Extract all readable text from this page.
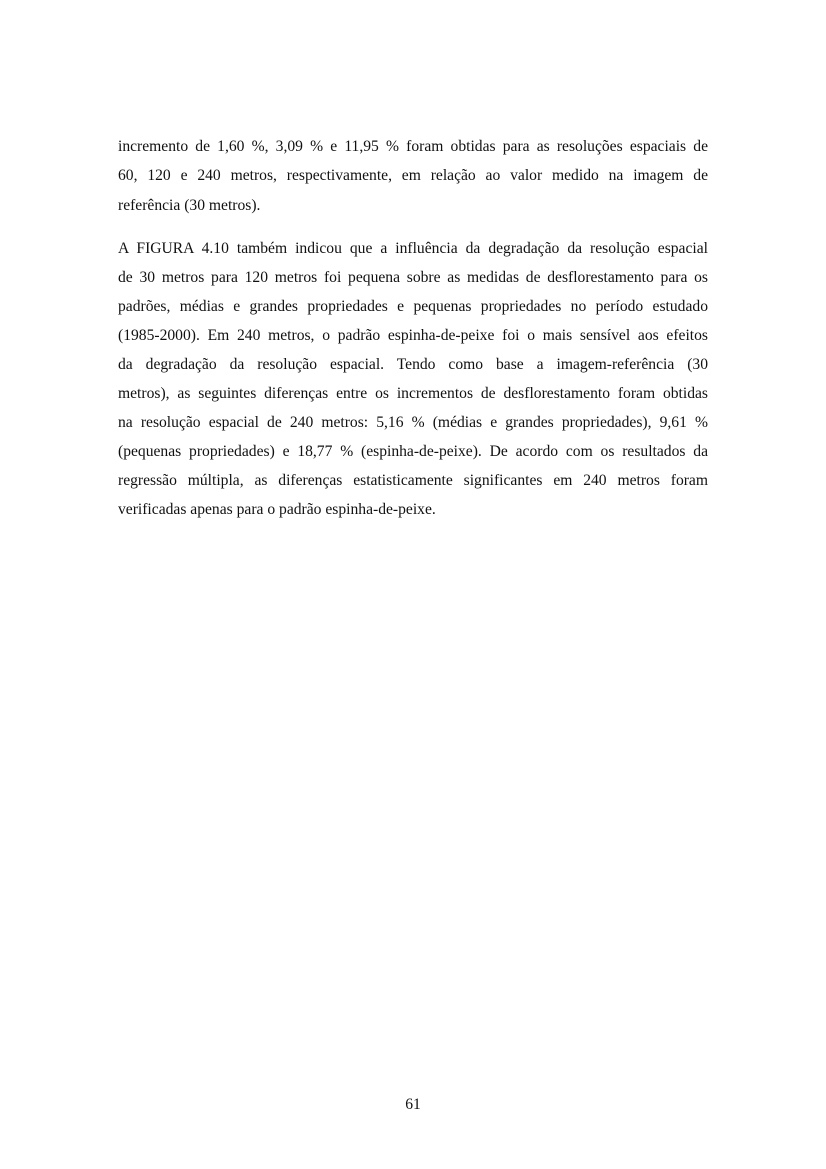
incremento de 1,60 %, 3,09 % e 11,95 % foram obtidas para as resoluções espaciais de
60, 120 e 240 metros, respectivamente, em relação ao valor medido na imagem de
referência (30 metros).
A FIGURA 4.10 também indicou que a influência da degradação da resolução espacial
de 30 metros para 120 metros foi pequena sobre as medidas de desflorestamento para os
padrões, médias e grandes propriedades e pequenas propriedades no período estudado
(1985-2000). Em 240 metros, o padrão espinha-de-peixe foi o mais sensível aos efeitos
da degradação da resolução espacial. Tendo como base a imagem-referência (30
metros), as seguintes diferenças entre os incrementos de desflorestamento foram obtidas
na resolução espacial de 240 metros: 5,16 % (médias e grandes propriedades), 9,61 %
(pequenas propriedades) e 18,77 % (espinha-de-peixe). De acordo com os resultados da
regressão múltipla, as diferenças estatisticamente significantes em 240 metros foram
verificadas apenas para o padrão espinha-de-peixe.
61
